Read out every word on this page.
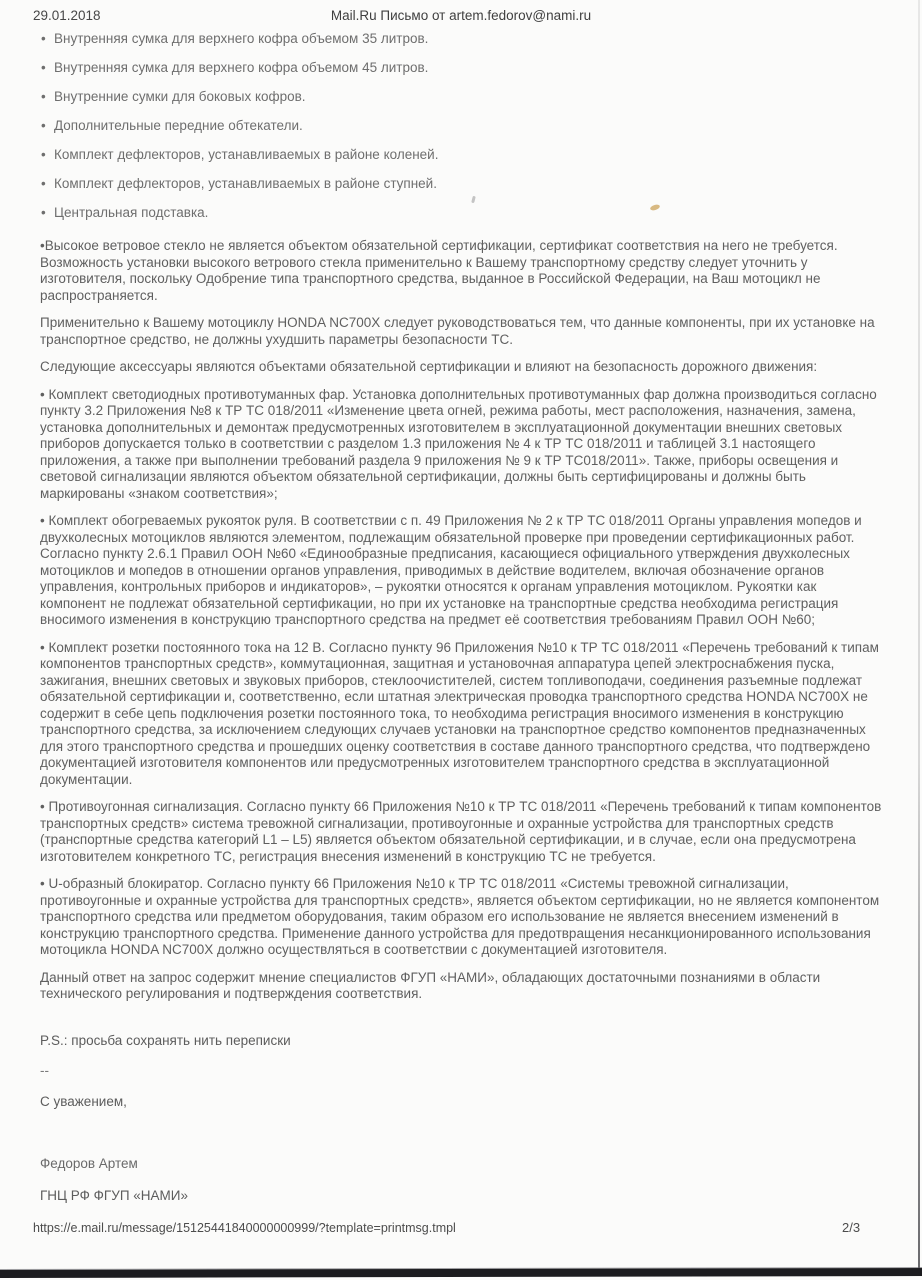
29.01.2018	Mail.Ru Письмо от artem.fedorov@nami.ru
• Внутренняя сумка для верхнего кофра объемом 35 литров.
• Внутренняя сумка для верхнего кофра объемом 45 литров.
• Внутренние сумки для боковых кофров.
• Дополнительные передние обтекатели.
• Комплект дефлекторов, устанавливаемых в районе коленей.
• Комплект дефлекторов, устанавливаемых в районе ступней.
• Центральная подставка.

•Высокое ветровое стекло не является объектом обязательной сертификации, сертификат соответствия на него не требуется. Возможность установки высокого ветрового стекла применительно к Вашему транспортному средству следует уточнить у изготовителя, поскольку Одобрение типа транспортного средства, выданное в Российской Федерации, на Ваш мотоцикл не распространяется.

Применительно к Вашему мотоциклу HONDA NC700X следует руководствоваться тем, что данные компоненты, при их установке на транспортное средство, не должны ухудшить параметры безопасности ТС.

Следующие аксессуары являются объектами обязательной сертификации и влияют на безопасность дорожного движения:

• Комплект светодиодных противотуманных фар. Установка дополнительных противотуманных фар должна производиться согласно пункту 3.2 Приложения №8 к ТР ТС 018/2011 «Изменение цвета огней, режима работы, мест расположения, назначения, замена, установка дополнительных и демонтаж предусмотренных изготовителем в эксплуатационной документации внешних световых приборов допускается только в соответствии с разделом 1.3 приложения № 4 к ТР ТС 018/2011 и таблицей 3.1 настоящего приложения, а также при выполнении требований раздела 9 приложения № 9 к ТР ТС018/2011». Также, приборы освещения и световой сигнализации являются объектом обязательной сертификации, должны быть сертифицированы и должны быть маркированы «знаком соответствия»;

• Комплект обогреваемых рукояток руля. В соответствии с п. 49 Приложения № 2 к ТР ТС 018/2011 Органы управления мопедов и двухколесных мотоциклов являются элементом, подлежащим обязательной проверке при проведении сертификационных работ. Согласно пункту 2.6.1 Правил ООН №60 «Единообразные предписания, касающиеся официального утверждения двухколесных мотоциклов и мопедов в отношении органов управления, приводимых в действие водителем, включая обозначение органов управления, контрольных приборов и индикаторов», – рукоятки относятся к органам управления мотоциклом. Рукоятки как компонент не подлежат обязательной сертификации, но при их установке на транспортные средства необходима регистрация вносимого изменения в конструкцию транспортного средства на предмет её соответствия требованиям Правил ООН №60;

• Комплект розетки постоянного тока на 12 В. Согласно пункту 96 Приложения №10 к ТР ТС 018/2011 «Перечень требований к типам компонентов транспортных средств», коммутационная, защитная и установочная аппаратура цепей электроснабжения пуска, зажигания, внешних световых и звуковых приборов, стеклоочистителей, систем топливоподачи, соединения разъемные подлежат обязательной сертификации и, соответственно, если штатная электрическая проводка транспортного средства HONDA NC700X не содержит в себе цепь подключения розетки постоянного тока, то необходима регистрация вносимого изменения в конструкцию транспортного средства, за исключением следующих случаев установки на транспортное средство компонентов предназначенных для этого транспортного средства и прошедших оценку соответствия в составе данного транспортного средства, что подтверждено документацией изготовителя компонентов или предусмотренных изготовителем транспортного средства в эксплуатационной документации.

• Противоугонная сигнализация. Согласно пункту 66 Приложения №10 к ТР ТС 018/2011 «Перечень требований к типам компонентов транспортных средств» система тревожной сигнализации, противоугонные и охранные устройства для транспортных средств (транспортные средства категорий L1 – L5) является объектом обязательной сертификации, и в случае, если она предусмотрена изготовителем конкретного ТС, регистрация внесения изменений в конструкцию ТС не требуется.

• U-образный блокиратор. Согласно пункту 66 Приложения №10 к ТР ТС 018/2011 «Системы тревожной сигнализации, противоугонные и охранные устройства для транспортных средств», является объектом сертификации, но не является компонентом транспортного средства или предметом оборудования, таким образом его использование не является внесением изменений в конструкцию транспортного средства. Применение данного устройства для предотвращения несанкционированного использования мотоцикла HONDA NC700X должно осуществляться в соответствии с документацией изготовителя.

Данный ответ на запрос содержит мнение специалистов ФГУП «НАМИ», обладающих достаточными познаниями в области технического регулирования и подтверждения соответствия.

P.S.: просьба сохранять нить переписки
--
С уважением,
Федоров Артем
ГНЦ РФ ФГУП «НАМИ»
https://e.mail.ru/message/15125441840000000999/?template=printmsg.tmpl	2/3
